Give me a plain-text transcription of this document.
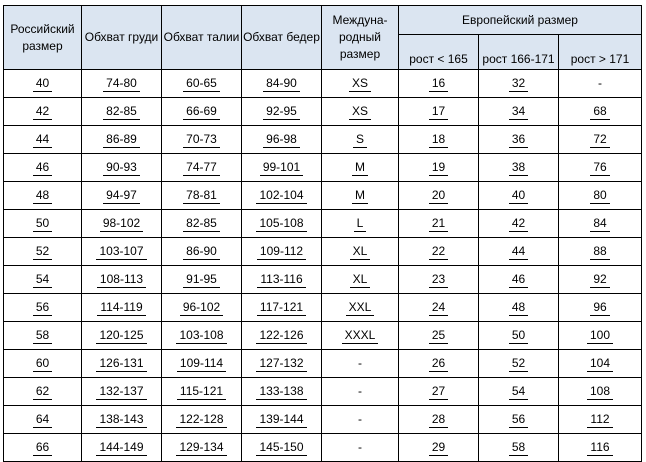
Российский размер	Обхват груди	Обхват талии	Обхват бедер	Междуна-родный размер	Европейский размер		
					рост < 165	рост 166-171	рост > 171
40	74-80	60-65	84-90	XS	16	32	-
42	82-85	66-69	92-95	XS	17	34	68
44	86-89	70-73	96-98	S	18	36	72
46	90-93	74-77	99-101	M	19	38	76
48	94-97	78-81	102-104	M	20	40	80
50	98-102	82-85	105-108	L	21	42	84
52	103-107	86-90	109-112	XL	22	44	88
54	108-113	91-95	113-116	XL	23	46	92
56	114-119	96-102	117-121	XXL	24	48	96
58	120-125	103-108	122-126	XXXL	25	50	100
60	126-131	109-114	127-132	-	26	52	104
62	132-137	115-121	133-138	-	27	54	108
64	138-143	122-128	139-144	-	28	56	112
66	144-149	129-134	145-150	-	29	58	116
